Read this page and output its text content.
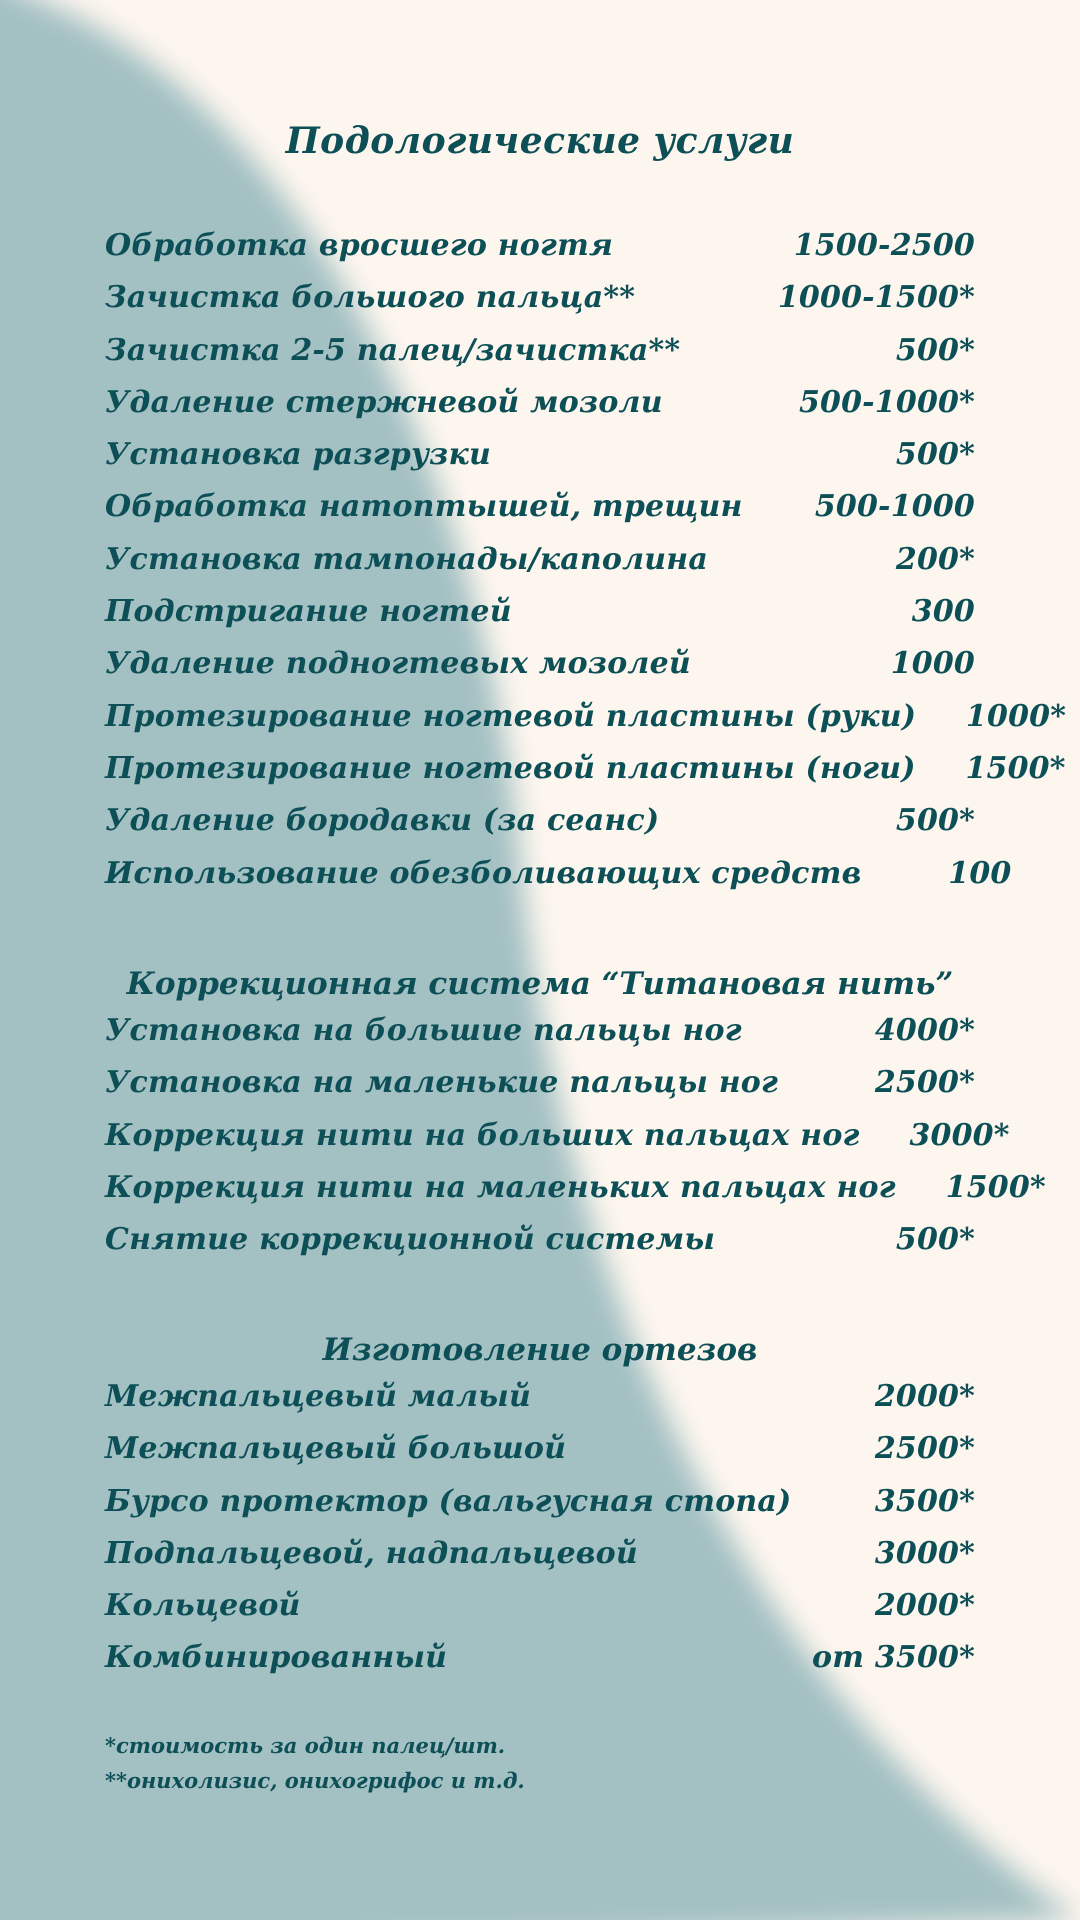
Подологические услуги
Обработка вросшего ногтя	1500-2500
Зачистка большого пальца**	1000-1500*
Зачистка 2-5 палец/зачистка**	500*
Удаление стержневой мозоли	500-1000*
Установка разгрузки	500*
Обработка натоптышей, трещин	500-1000
Установка тампонады/каполина	200*
Подстригание ногтей	300
Удаление подногтевых мозолей	1000
Протезирование ногтевой пластины (руки)	1000*
Протезирование ногтевой пластины (ноги)	1500*
Удаление бородавки (за сеанс)	500*
Использование обезболивающих средств	100
Коррекционная система “Титановая нить”
Установка на большие пальцы ног	4000*
Установка на маленькие пальцы ног	2500*
Коррекция нити на больших пальцах ног	3000*
Коррекция нити на маленьких пальцах ног	1500*
Снятие коррекционной системы	500*
Изготовление ортезов
Межпальцевый малый	2000*
Межпальцевый большой	2500*
Бурсо протектор (вальгусная стопа)	3500*
Подпальцевой, надпальцевой	3000*
Кольцевой	2000*
Комбинированный	от 3500*
*стоимость за один палец/шт.
**онихолизис, онихогрифос и т.д.
